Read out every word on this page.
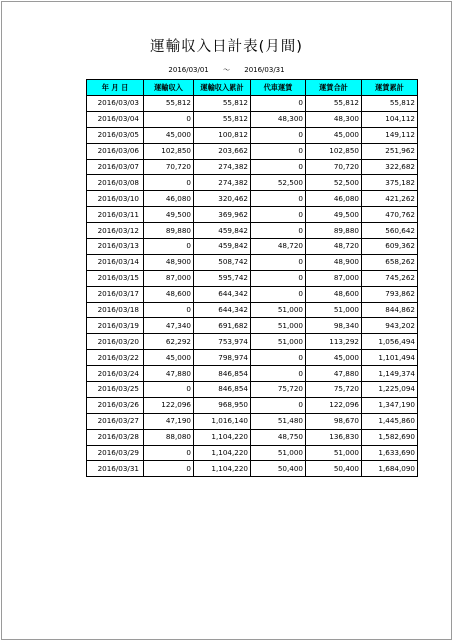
運輸収入日計表(月間)
2016/03/01 ～ 2016/03/31
年 月 日	運輸収入	運輸収入累計	代車運賃	運賃合計	運賃累計
2016/03/03	55,812	55,812	0	55,812	55,812
2016/03/04	0	55,812	48,300	48,300	104,112
2016/03/05	45,000	100,812	0	45,000	149,112
2016/03/06	102,850	203,662	0	102,850	251,962
2016/03/07	70,720	274,382	0	70,720	322,682
2016/03/08	0	274,382	52,500	52,500	375,182
2016/03/10	46,080	320,462	0	46,080	421,262
2016/03/11	49,500	369,962	0	49,500	470,762
2016/03/12	89,880	459,842	0	89,880	560,642
2016/03/13	0	459,842	48,720	48,720	609,362
2016/03/14	48,900	508,742	0	48,900	658,262
2016/03/15	87,000	595,742	0	87,000	745,262
2016/03/17	48,600	644,342	0	48,600	793,862
2016/03/18	0	644,342	51,000	51,000	844,862
2016/03/19	47,340	691,682	51,000	98,340	943,202
2016/03/20	62,292	753,974	51,000	113,292	1,056,494
2016/03/22	45,000	798,974	0	45,000	1,101,494
2016/03/24	47,880	846,854	0	47,880	1,149,374
2016/03/25	0	846,854	75,720	75,720	1,225,094
2016/03/26	122,096	968,950	0	122,096	1,347,190
2016/03/27	47,190	1,016,140	51,480	98,670	1,445,860
2016/03/28	88,080	1,104,220	48,750	136,830	1,582,690
2016/03/29	0	1,104,220	51,000	51,000	1,633,690
2016/03/31	0	1,104,220	50,400	50,400	1,684,090
